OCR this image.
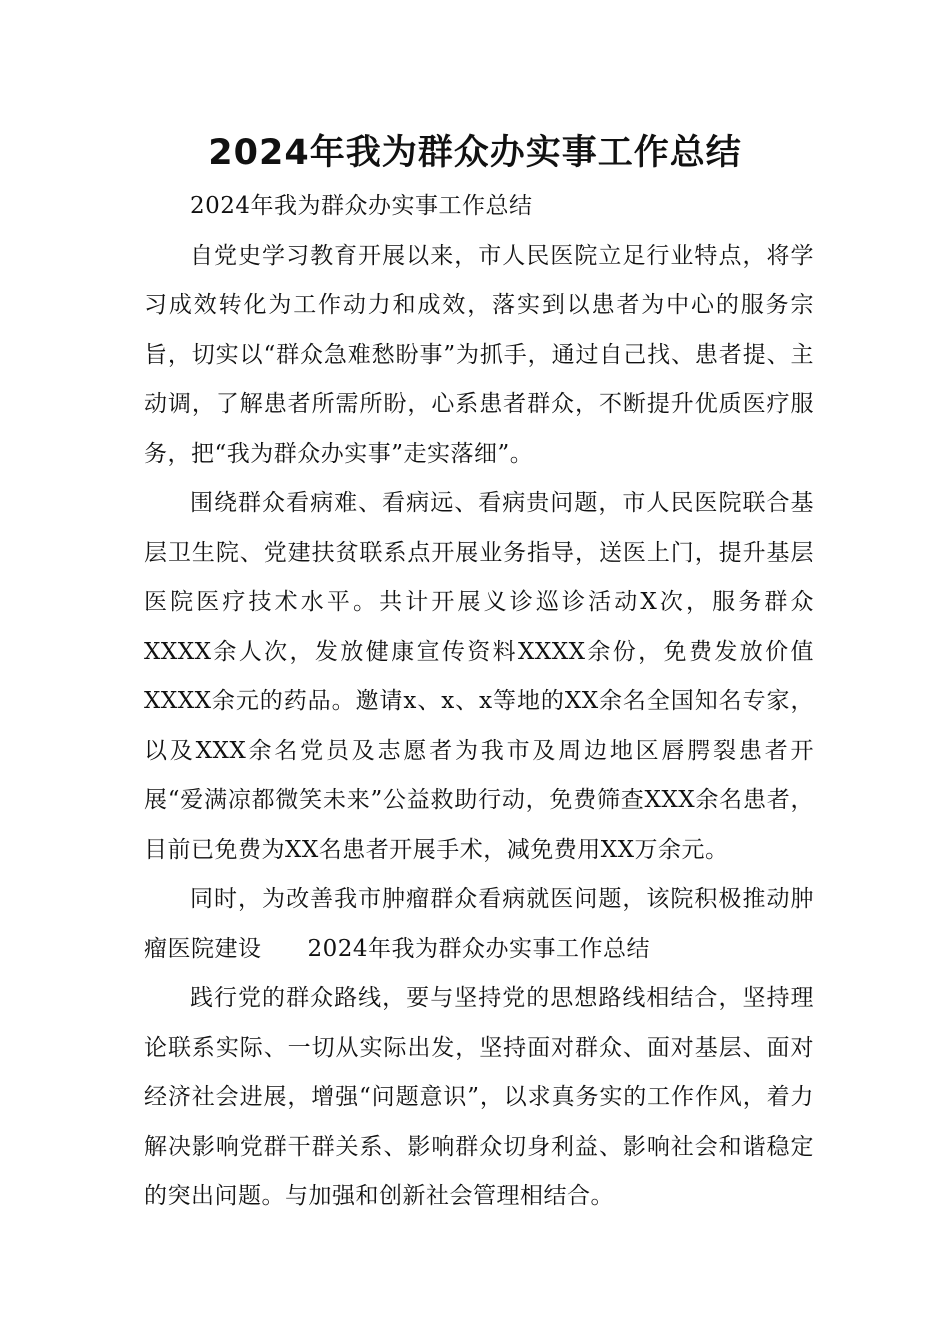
2024年我为群众办实事工作总结

2024年我为群众办实事工作总结

自党史学习教育开展以来，市人民医院立足行业特点，将学习成效转化为工作动力和成效，落实到以患者为中心的服务宗旨，切实以“群众急难愁盼事”为抓手，通过自己找、患者提、主动调，了解患者所需所盼，心系患者群众，不断提升优质医疗服务，把“我为群众办实事”走实落细”。

围绕群众看病难、看病远、看病贵问题，市人民医院联合基层卫生院、党建扶贫联系点开展业务指导，送医上门，提升基层医院医疗技术水平。共计开展义诊巡诊活动X次，服务群众XXXX余人次，发放健康宣传资料XXXX余份，免费发放价值XXXX余元的药品。邀请x、x、x等地的XX余名全国知名专家，以及XXX余名党员及志愿者为我市及周边地区唇腭裂患者开展“爱满凉都微笑未来”公益救助行动，免费筛查XXX余名患者，目前已免费为XX名患者开展手术，减免费用XX万余元。

同时，为改善我市肿瘤群众看病就医问题，该院积极推动肿瘤医院建设 2024年我为群众办实事工作总结

践行党的群众路线，要与坚持党的思想路线相结合，坚持理论联系实际、一切从实际出发，坚持面对群众、面对基层、面对经济社会进展，增强“问题意识”，以求真务实的工作作风，着力解决影响党群干群关系、影响群众切身利益、影响社会和谐稳定的突出问题。与加强和创新社会管理相结合。
